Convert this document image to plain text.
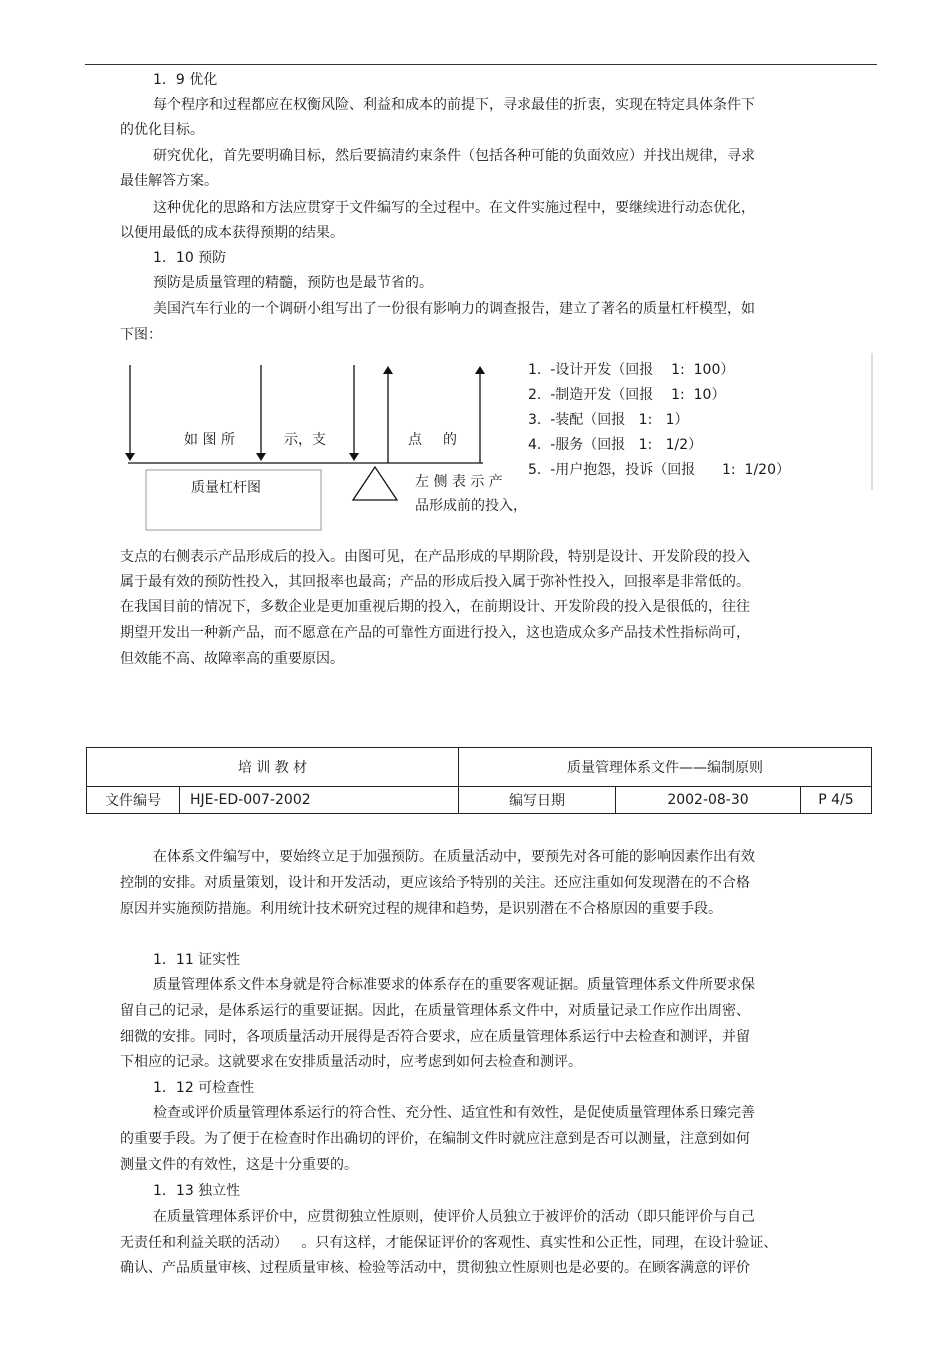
1．9 优化
每个程序和过程都应在权衡风险、利益和成本的前提下，寻求最佳的折衷，实现在特定具体条件下
的优化目标。
研究优化，首先要明确目标，然后要搞清约束条件（包括各种可能的负面效应）并找出规律，寻求
最佳解答方案。
这种优化的思路和方法应贯穿于文件编写的全过程中。在文件实施过程中，要继续进行动态优化，
以便用最低的成本获得预期的结果。
1．10 预防
预防是质量管理的精髓，预防也是最节省的。
美国汽车行业的一个调研小组写出了一份很有影响力的调查报告，建立了著名的质量杠杆模型，如
下图：
如 图 所	示，支	点 的
质量杠杆图	左 侧 表 示 产
品形成前的投入，
1.  -设计开发（回报    1:  100）
2.  -制造开发（回报    1:  10）
3.  -装配（回报   1:   1）
4.  -服务（回报   1:   1/2）
5.  -用户抱怨，投诉（回报      1:  1/20）
支点的右侧表示产品形成后的投入。由图可见，在产品形成的早期阶段，特别是设计、开发阶段的投入
属于最有效的预防性投入，其回报率也最高；产品的形成后投入属于弥补性投入，回报率是非常低的。
在我国目前的情况下，多数企业是更加重视后期的投入，在前期设计、开发阶段的投入是很低的，往往
期望开发出一种新产品，而不愿意在产品的可靠性方面进行投入，这也造成众多产品技术性指标尚可，
但效能不高、故障率高的重要原因。
培 训 教 材		质量管理体系文件——编制原则		
文件编号	HJE-ED-007-2002	编写日期	2002-08-30	P 4/5
在体系文件编写中，要始终立足于加强预防。在质量活动中，要预先对各可能的影响因素作出有效
控制的安排。对质量策划，设计和开发活动，更应该给予特别的关注。还应注重如何发现潜在的不合格
原因并实施预防措施。利用统计技术研究过程的规律和趋势，是识别潜在不合格原因的重要手段。
1．11 证实性
质量管理体系文件本身就是符合标准要求的体系存在的重要客观证据。质量管理体系文件所要求保
留自己的记录，是体系运行的重要证据。因此，在质量管理体系文件中，对质量记录工作应作出周密、
细微的安排。同时，各项质量活动开展得是否符合要求，应在质量管理体系运行中去检查和测评，并留
下相应的记录。这就要求在安排质量活动时，应考虑到如何去检查和测评。
1．12 可检查性
检查或评价质量管理体系运行的符合性、充分性、适宜性和有效性，是促使质量管理体系日臻完善
的重要手段。为了便于在检查时作出确切的评价，在编制文件时就应注意到是否可以测量，注意到如何
测量文件的有效性，这是十分重要的。
1．13 独立性
在质量管理体系评价中，应贯彻独立性原则，使评价人员独立于被评价的活动（即只能评价与自己
无责任和利益关联的活动）   。只有这样，才能保证评价的客观性、真实性和公正性，同理，在设计验证、
确认、产品质量审核、过程质量审核、检验等活动中，贯彻独立性原则也是必要的。在顾客满意的评价
